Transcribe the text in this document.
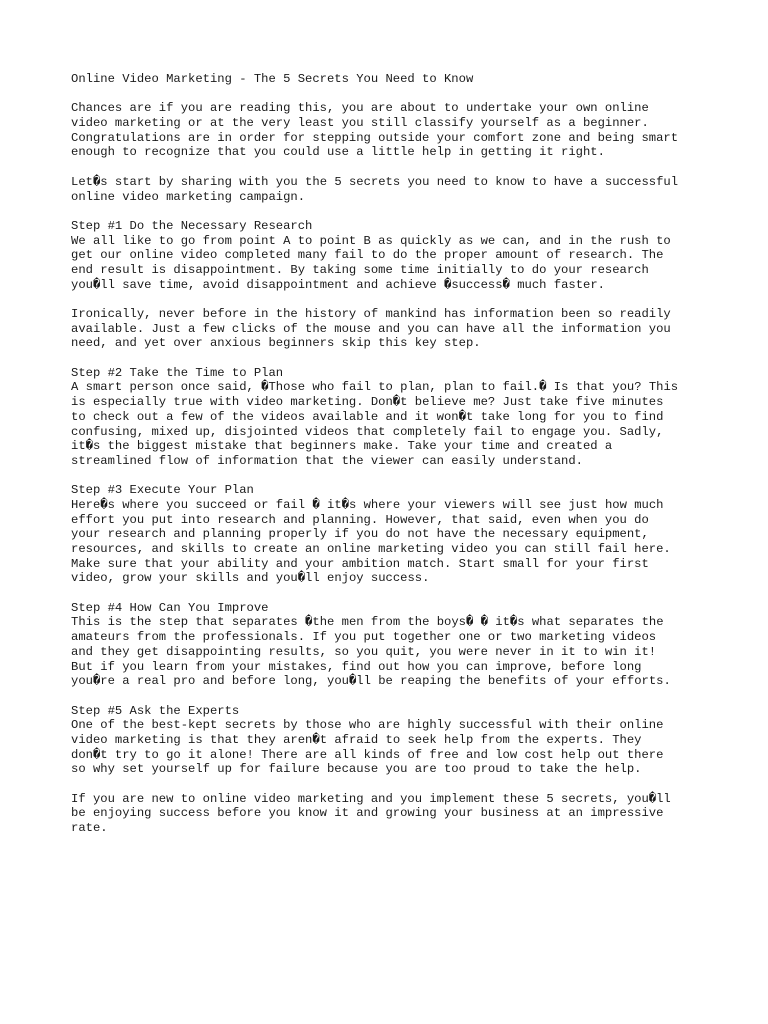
Online Video Marketing - The 5 Secrets You Need to Know
Chances are if you are reading this, you are about to undertake your own online
video marketing or at the very least you still classify yourself as a beginner.
Congratulations are in order for stepping outside your comfort zone and being smart
enough to recognize that you could use a little help in getting it right.
Let�s start by sharing with you the 5 secrets you need to know to have a successful
online video marketing campaign.
Step #1 Do the Necessary Research
We all like to go from point A to point B as quickly as we can, and in the rush to
get our online video completed many fail to do the proper amount of research. The
end result is disappointment. By taking some time initially to do your research
you�ll save time, avoid disappointment and achieve �success� much faster.
Ironically, never before in the history of mankind has information been so readily
available. Just a few clicks of the mouse and you can have all the information you
need, and yet over anxious beginners skip this key step.
Step #2 Take the Time to Plan
A smart person once said, �Those who fail to plan, plan to fail.� Is that you? This
is especially true with video marketing. Don�t believe me? Just take five minutes
to check out a few of the videos available and it won�t take long for you to find
confusing, mixed up, disjointed videos that completely fail to engage you. Sadly,
it�s the biggest mistake that beginners make. Take your time and created a
streamlined flow of information that the viewer can easily understand.
Step #3 Execute Your Plan
Here�s where you succeed or fail � it�s where your viewers will see just how much
effort you put into research and planning. However, that said, even when you do
your research and planning properly if you do not have the necessary equipment,
resources, and skills to create an online marketing video you can still fail here.
Make sure that your ability and your ambition match. Start small for your first
video, grow your skills and you�ll enjoy success.
Step #4 How Can You Improve
This is the step that separates �the men from the boys� � it�s what separates the
amateurs from the professionals. If you put together one or two marketing videos
and they get disappointing results, so you quit, you were never in it to win it!
But if you learn from your mistakes, find out how you can improve, before long
you�re a real pro and before long, you�ll be reaping the benefits of your efforts.
Step #5 Ask the Experts
One of the best-kept secrets by those who are highly successful with their online
video marketing is that they aren�t afraid to seek help from the experts. They
don�t try to go it alone! There are all kinds of free and low cost help out there
so why set yourself up for failure because you are too proud to take the help.
If you are new to online video marketing and you implement these 5 secrets, you�ll
be enjoying success before you know it and growing your business at an impressive
rate.
